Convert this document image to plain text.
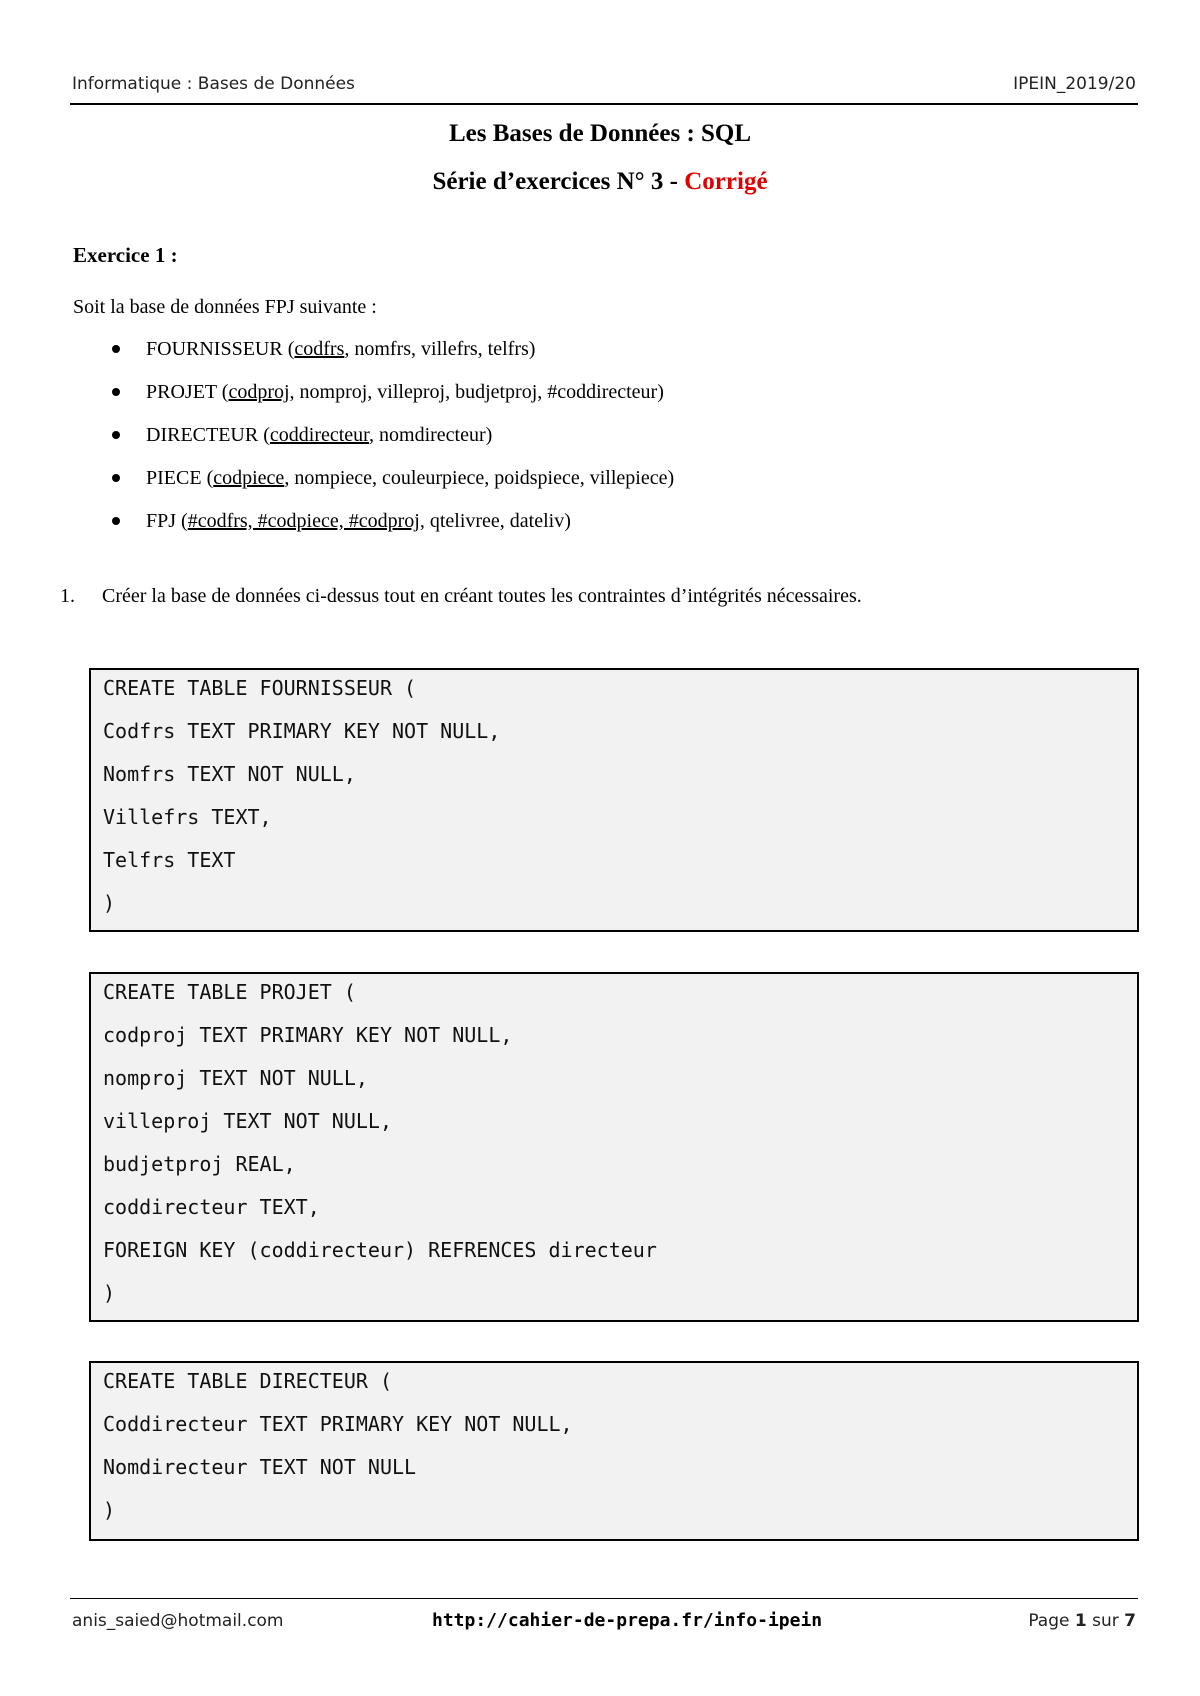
Informatique : Bases de Données	IPEIN_2019/20
Les Bases de Données : SQL
Série d’exercices N° 3 - Corrigé
Exercice 1 :
Soit la base de données FPJ suivante :
FOURNISSEUR (codfrs, nomfrs, villefrs, telfrs)
PROJET (codproj, nomproj, villeproj, budjetproj, #coddirecteur)
DIRECTEUR (coddirecteur, nomdirecteur)
PIECE (codpiece, nompiece, couleurpiece, poidspiece, villepiece)
FPJ (#codfrs, #codpiece, #codproj, qtelivree, dateliv)
1. Créer la base de données ci-dessus tout en créant toutes les contraintes d’intégrités nécessaires.
CREATE TABLE FOURNISSEUR (
Codfrs TEXT PRIMARY KEY NOT NULL,
Nomfrs TEXT NOT NULL,
Villefrs TEXT,
Telfrs TEXT
)
CREATE TABLE PROJET (
codproj TEXT PRIMARY KEY NOT NULL,
nomproj TEXT NOT NULL,
villeproj TEXT NOT NULL,
budjetproj REAL,
coddirecteur TEXT,
FOREIGN KEY (coddirecteur) REFRENCES directeur
)
CREATE TABLE DIRECTEUR (
Coddirecteur TEXT PRIMARY KEY NOT NULL,
Nomdirecteur TEXT NOT NULL
)
anis_saied@hotmail.com	http://cahier-de-prepa.fr/info-ipein	Page 1 sur 7
